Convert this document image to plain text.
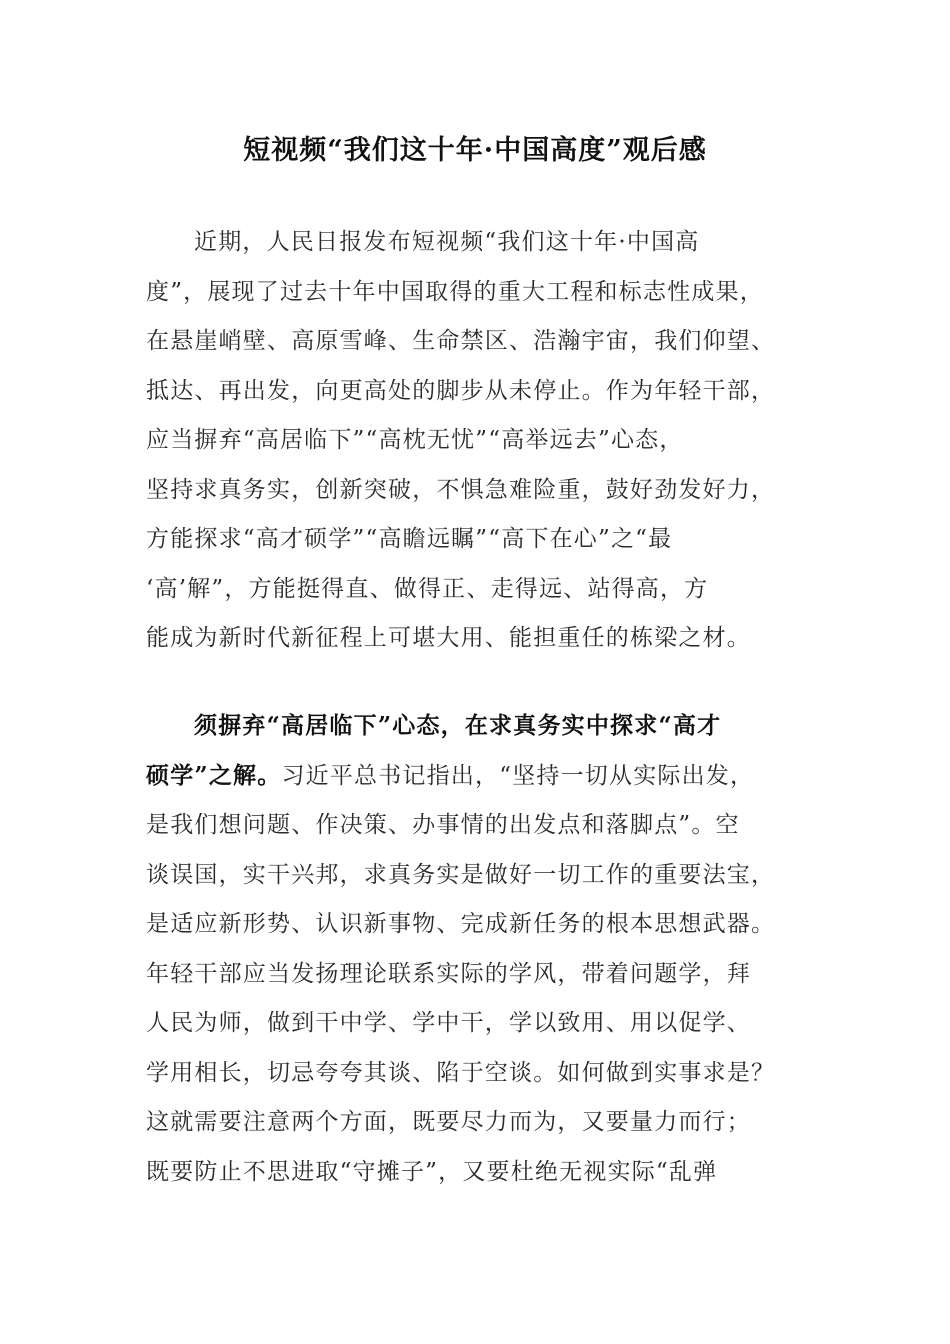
短视频“我们这十年·中国高度”观后感
近期，人民日报发布短视频“我们这十年·中国高
度”，展现了过去十年中国取得的重大工程和标志性成果，
在悬崖峭壁、高原雪峰、生命禁区、浩瀚宇宙，我们仰望、
抵达、再出发，向更高处的脚步从未停止。作为年轻干部，
应当摒弃“高居临下”“高枕无忧”“高举远去”心态，
坚持求真务实，创新突破，不惧急难险重，鼓好劲发好力，
方能探求“高才硕学”“高瞻远瞩”“高下在心”之“最
‘高’解”，方能挺得直、做得正、走得远、站得高，方
能成为新时代新征程上可堪大用、能担重任的栋梁之材。
须摒弃“高居临下”心态，在求真务实中探求“高才
硕学”之解。习近平总书记指出，“坚持一切从实际出发，
是我们想问题、作决策、办事情的出发点和落脚点”。空
谈误国，实干兴邦，求真务实是做好一切工作的重要法宝，
是适应新形势、认识新事物、完成新任务的根本思想武器。
年轻干部应当发扬理论联系实际的学风，带着问题学，拜
人民为师，做到干中学、学中干，学以致用、用以促学、
学用相长，切忌夸夸其谈、陷于空谈。如何做到实事求是？
这就需要注意两个方面，既要尽力而为，又要量力而行；
既要防止不思进取“守摊子”，又要杜绝无视实际“乱弹
